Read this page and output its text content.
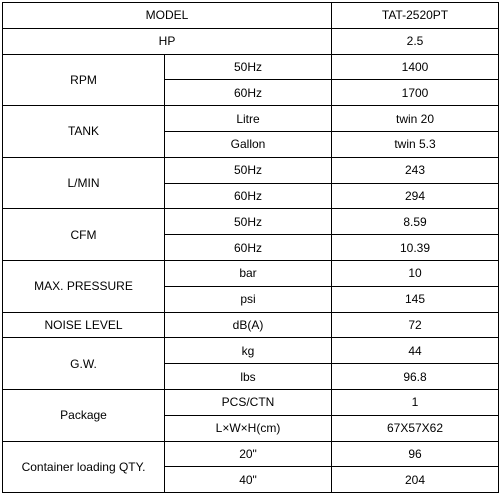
MODEL		TAT-2520PT
HP		2.5
RPM	50Hz	1400
	60Hz	1700
TANK	Litre	twin 20
	Gallon	twin 5.3
L/MIN	50Hz	243
	60Hz	294
CFM	50Hz	8.59
	60Hz	10.39
MAX. PRESSURE	bar	10
	psi	145
NOISE LEVEL	dB(A)	72
G.W.	kg	44
	lbs	96.8
Package	PCS/CTN	1
	L×W×H(cm)	67X57X62
Container loading QTY.	20"	96
	40"	204
